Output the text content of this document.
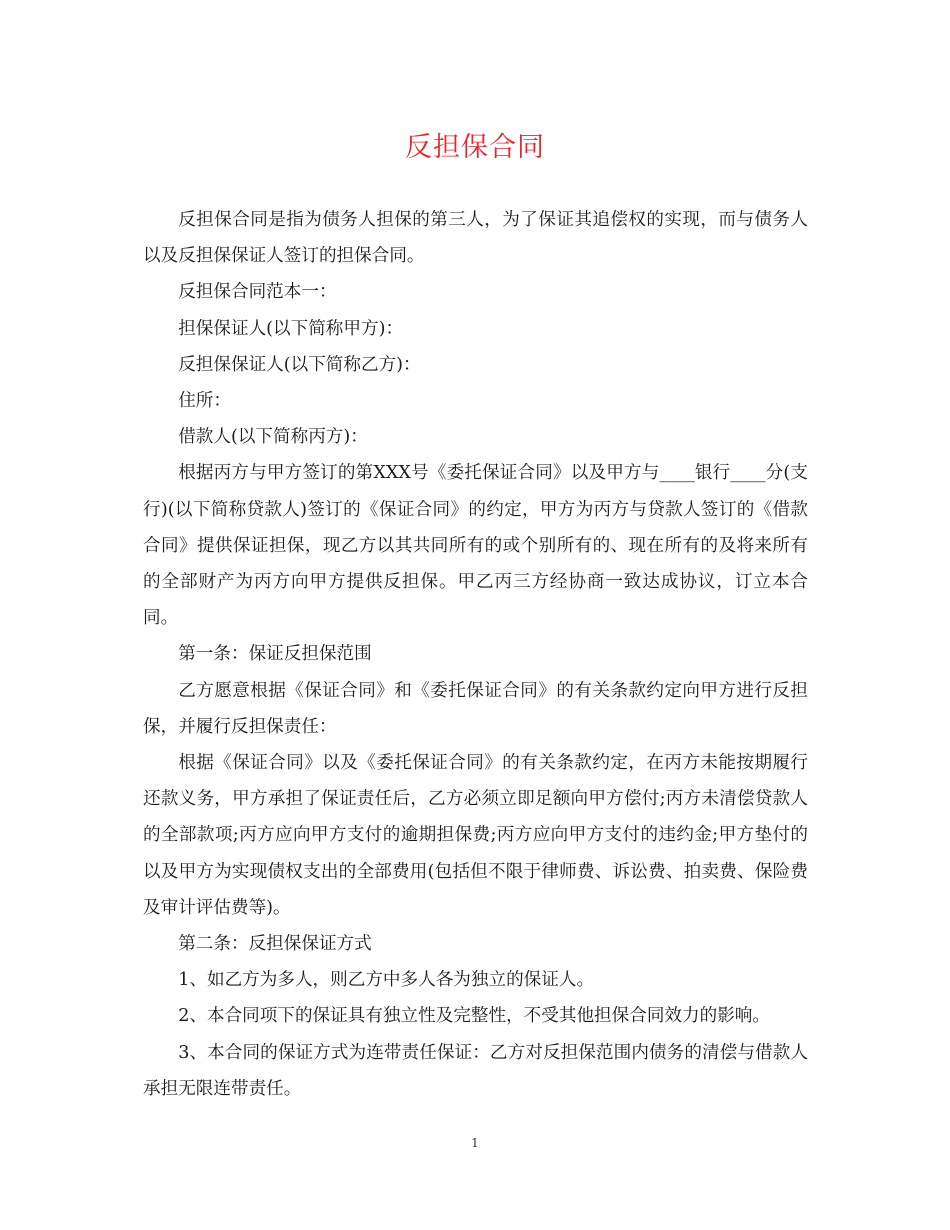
反担保合同

反担保合同是指为债务人担保的第三人，为了保证其追偿权的实现，而与债务人以及反担保保证人签订的担保合同。

反担保合同范本一：

担保保证人(以下简称甲方)：

反担保保证人(以下简称乙方)：

住所：

借款人(以下简称丙方)：

根据丙方与甲方签订的第XXX号《委托保证合同》以及甲方与____银行____分(支行)(以下简称贷款人)签订的《保证合同》的约定，甲方为丙方与贷款人签订的《借款合同》提供保证担保，现乙方以其共同所有的或个别所有的、现在所有的及将来所有的全部财产为丙方向甲方提供反担保。甲乙丙三方经协商一致达成协议，订立本合同。

第一条：保证反担保范围

乙方愿意根据《保证合同》和《委托保证合同》的有关条款约定向甲方进行反担保，并履行反担保责任：

根据《保证合同》以及《委托保证合同》的有关条款约定，在丙方未能按期履行还款义务，甲方承担了保证责任后，乙方必须立即足额向甲方偿付;丙方未清偿贷款人的全部款项;丙方应向甲方支付的逾期担保费;丙方应向甲方支付的违约金;甲方垫付的以及甲方为实现债权支出的全部费用(包括但不限于律师费、诉讼费、拍卖费、保险费及审计评估费等)。

第二条：反担保保证方式

1、如乙方为多人，则乙方中多人各为独立的保证人。

2、本合同项下的保证具有独立性及完整性，不受其他担保合同效力的影响。

3、本合同的保证方式为连带责任保证：乙方对反担保范围内债务的清偿与借款人承担无限连带责任。

1
